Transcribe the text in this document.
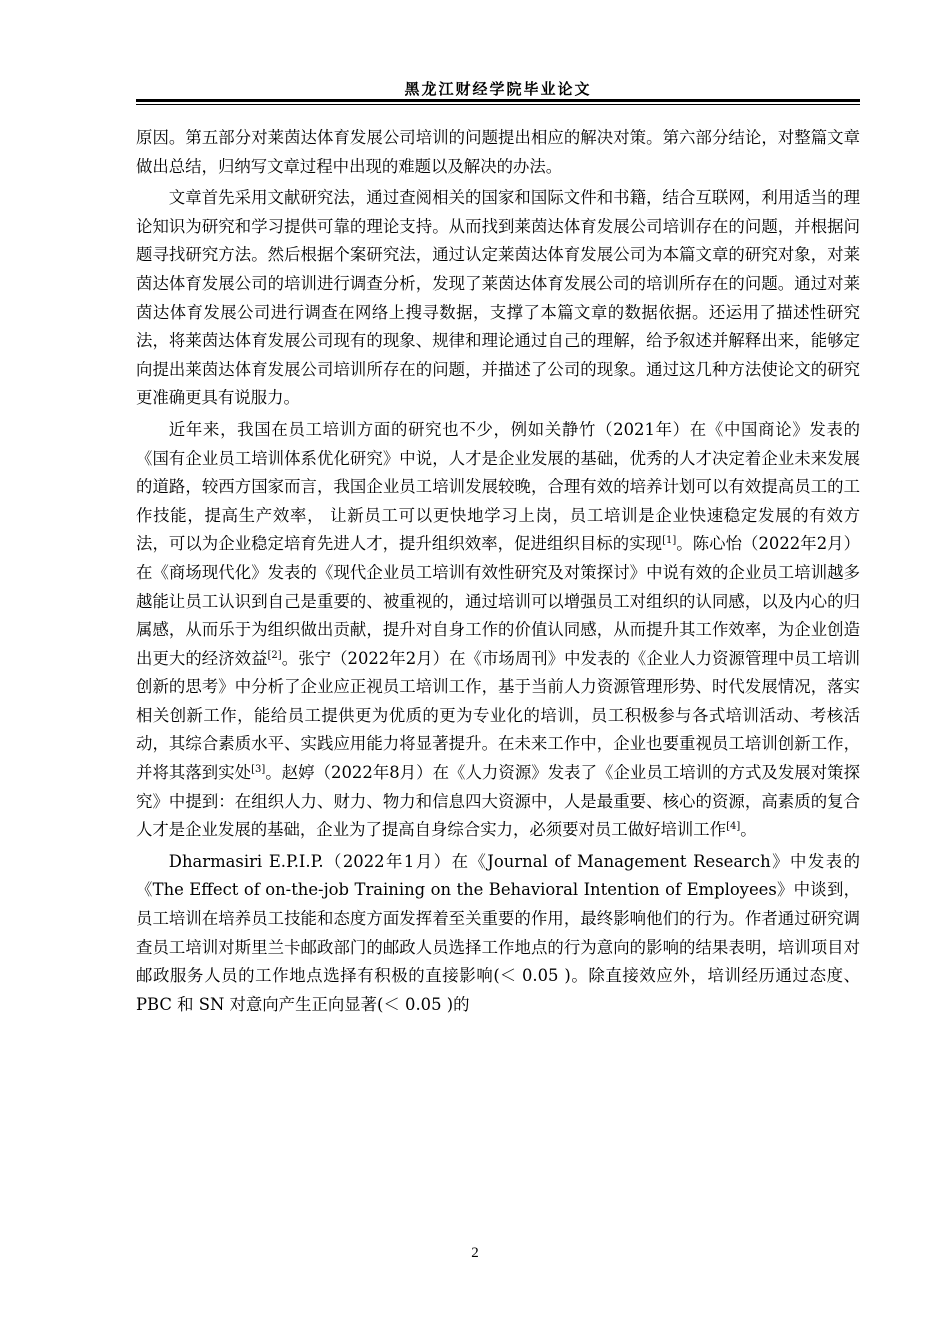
黑龙江财经学院毕业论文

原因。第五部分对莱茵达体育发展公司培训的问题提出相应的解决对策。第六部分结论，对整篇文章做出总结，归纳写文章过程中出现的难题以及解决的办法。

文章首先采用文献研究法，通过查阅相关的国家和国际文件和书籍，结合互联网，利用适当的理论知识为研究和学习提供可靠的理论支持。从而找到莱茵达体育发展公司培训存在的问题，并根据问题寻找研究方法。然后根据个案研究法，通过认定莱茵达体育发展公司为本篇文章的研究对象，对莱茵达体育发展公司的培训进行调查分析，发现了莱茵达体育发展公司的培训所存在的问题。通过对莱茵达体育发展公司进行调查在网络上搜寻数据，支撑了本篇文章的数据依据。还运用了描述性研究法，将莱茵达体育发展公司现有的现象、规律和理论通过自己的理解，给予叙述并解释出来，能够定向提出莱茵达体育发展公司培训所存在的问题，并描述了公司的现象。通过这几种方法使论文的研究更准确更具有说服力。

近年来，我国在员工培训方面的研究也不少，例如关静竹（2021年）在《中国商论》发表的《国有企业员工培训体系优化研究》中说，人才是企业发展的基础，优秀的人才决定着企业未来发展的道路，较西方国家而言，我国企业员工培训发展较晚，合理有效的培养计划可以有效提高员工的工作技能，提高生产效率， 让新员工可以更快地学习上岗，员工培训是企业快速稳定发展的有效方法，可以为企业稳定培育先进人才，提升组织效率，促进组织目标的实现[1]。陈心怡（2022年2月）在《商场现代化》发表的《现代企业员工培训有效性研究及对策探讨》中说有效的企业员工培训越多越能让员工认识到自己是重要的、被重视的，通过培训可以增强员工对组织的认同感，以及内心的归属感，从而乐于为组织做出贡献，提升对自身工作的价值认同感，从而提升其工作效率，为企业创造出更大的经济效益[2]。张宁（2022年2月）在《市场周刊》中发表的《企业人力资源管理中员工培训创新的思考》中分析了企业应正视员工培训工作，基于当前人力资源管理形势、时代发展情况，落实相关创新工作，能给员工提供更为优质的更为专业化的培训，员工积极参与各式培训活动、考核活动，其综合素质水平、实践应用能力将显著提升。在未来工作中，企业也要重视员工培训创新工作，并将其落到实处[3]。赵婷（2022年8月）在《人力资源》发表了《企业员工培训的方式及发展对策探究》中提到：在组织人力、财力、物力和信息四大资源中，人是最重要、核心的资源，高素质的复合人才是企业发展的基础，企业为了提高自身综合实力，必须要对员工做好培训工作[4]。

Dharmasiri E.P.I.P.（2022年1月）在《Journal of Management Research》中发表的《The Effect of on-the-job Training on the Behavioral Intention of Employees》中谈到，员工培训在培养员工技能和态度方面发挥着至关重要的作用，最终影响他们的行为。作者通过研究调查员工培训对斯里兰卡邮政部门的邮政人员选择工作地点的行为意向的影响的结果表明，培训项目对邮政服务人员的工作地点选择有积极的直接影响(＜ 0.05 )。除直接效应外，培训经历通过态度、PBC 和 SN 对意向产生正向显著(＜ 0.05 )的

2
